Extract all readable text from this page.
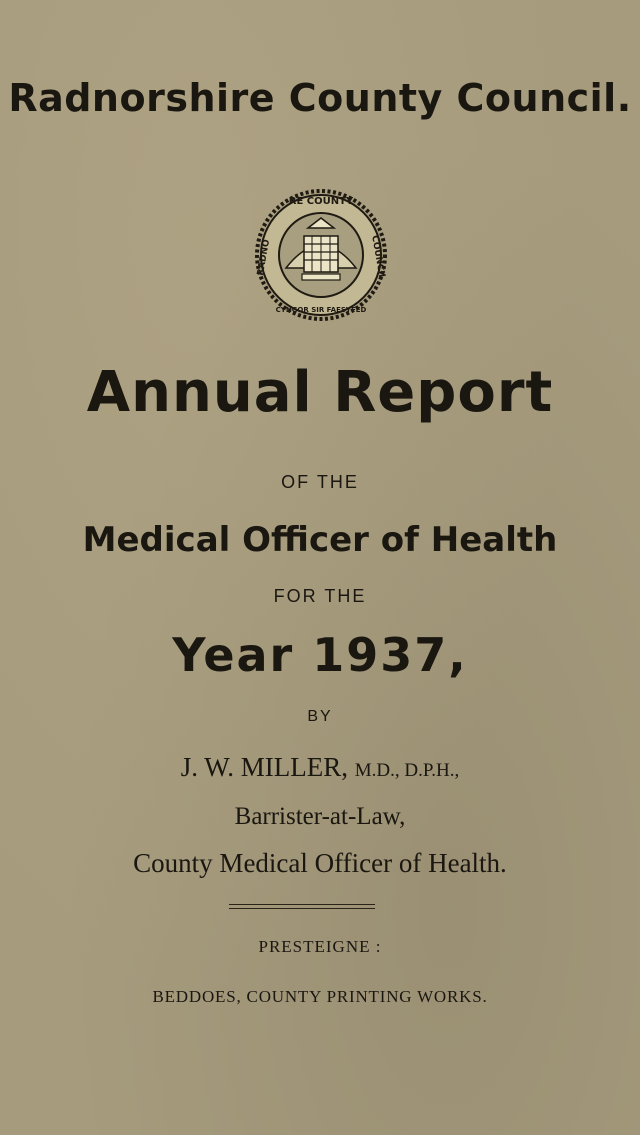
Radnorshire County Council.
RE COUNTY
RADNO	COUNCIL
CYNGOR SIR FAESYFED
Annual Report
OF THE
Medical Officer of Health
FOR THE
Year 1937,
BY
J. W. MILLER, M.D., D.P.H.,
Barrister-at-Law,
County Medical Officer of Health.
PRESTEIGNE :
BEDDOES, COUNTY PRINTING WORKS.
